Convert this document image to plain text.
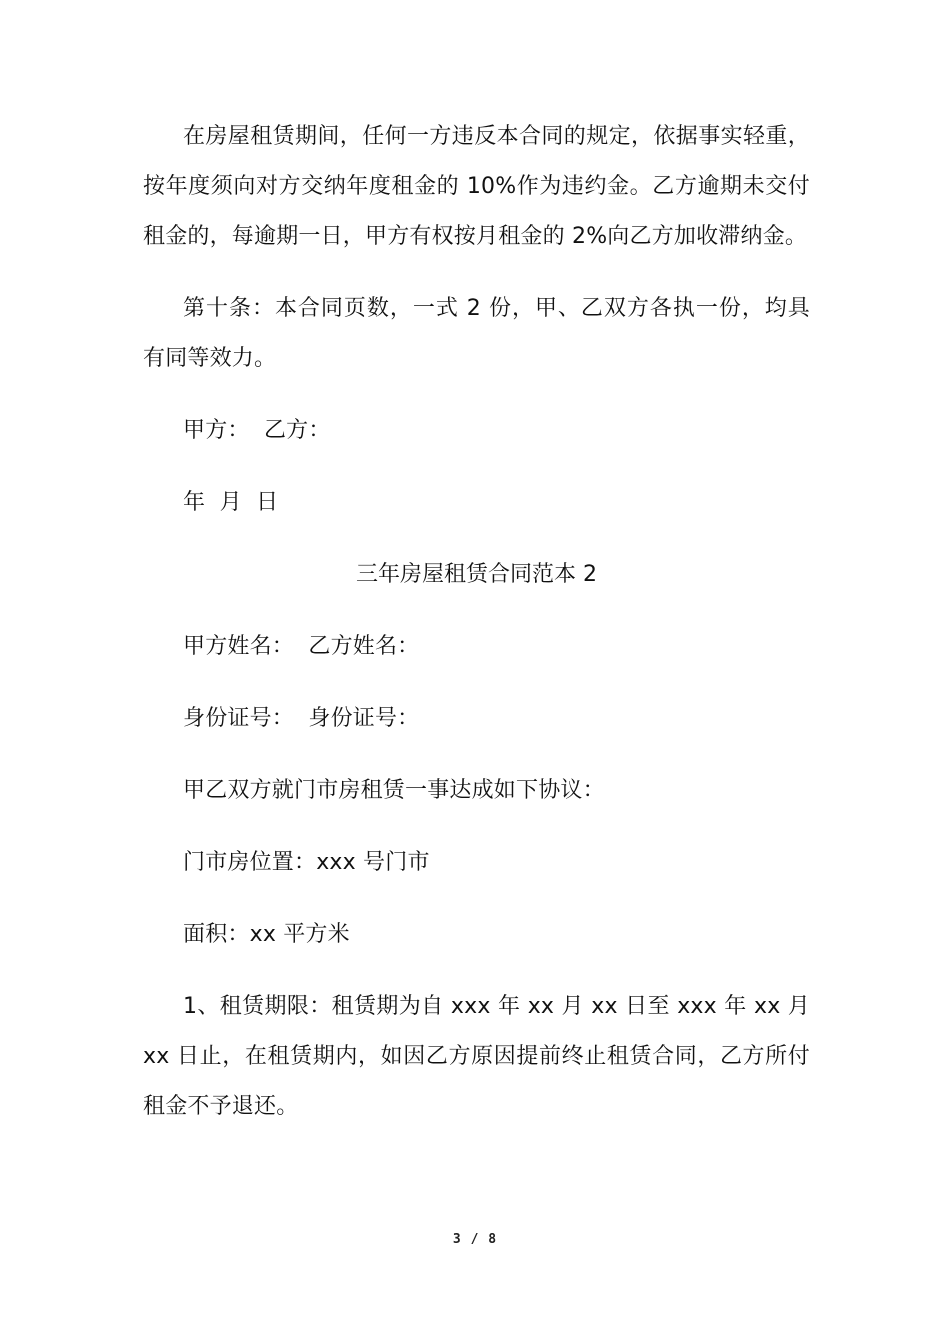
在房屋租赁期间，任何一方违反本合同的规定，依据事实轻重，按年度须向对方交纳年度租金的 10%作为违约金。乙方逾期未交付租金的，每逾期一日，甲方有权按月租金的 2%向乙方加收滞纳金。

第十条：本合同页数，一式 2 份，甲、乙双方各执一份，均具有同等效力。

甲方：  乙方：

年  月  日

三年房屋租赁合同范本 2

甲方姓名：  乙方姓名：

身份证号：  身份证号：

甲乙双方就门市房租赁一事达成如下协议：

门市房位置：xxx 号门市

面积：xx 平方米

1、租赁期限：租赁期为自 xxx 年 xx 月 xx 日至 xxx 年 xx 月 xx 日止，在租赁期内，如因乙方原因提前终止租赁合同，乙方所付租金不予退还。

3 / 8
